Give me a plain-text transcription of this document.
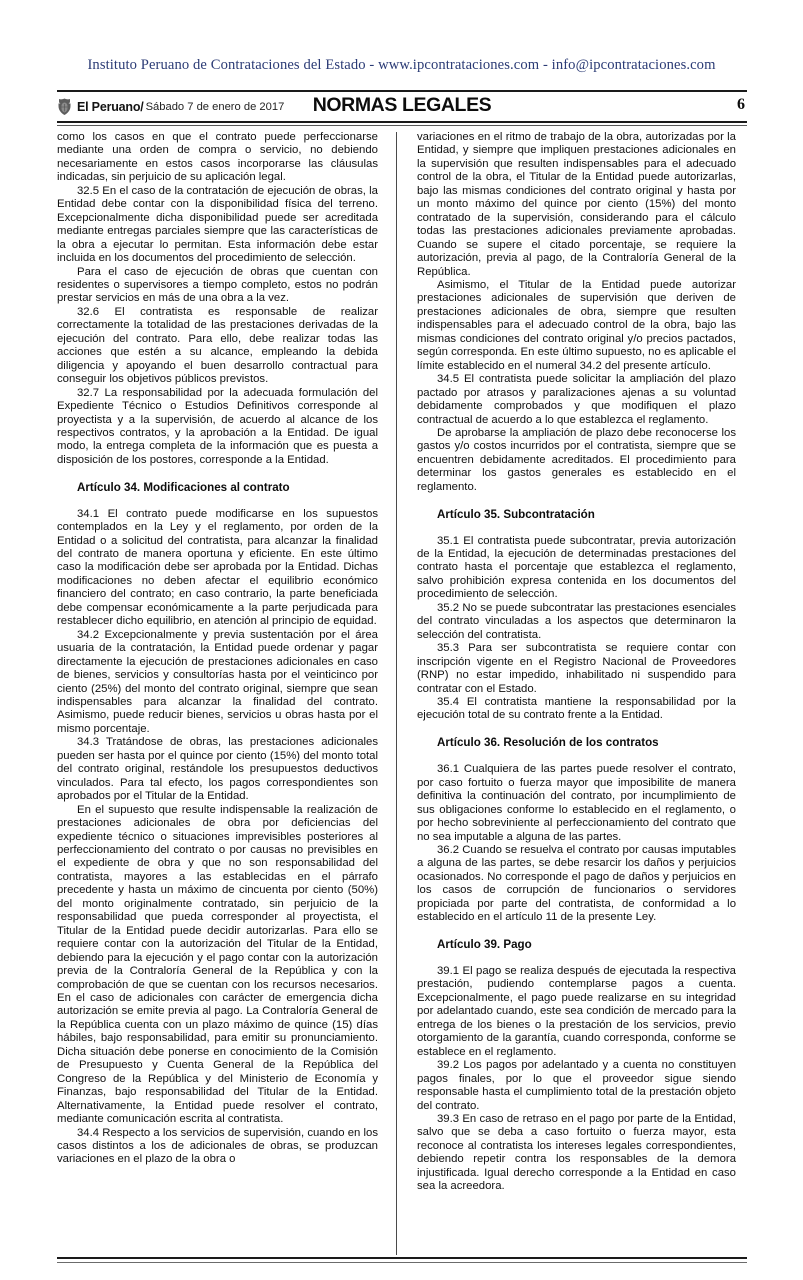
Instituto Peruano de Contrataciones del Estado - www.ipcontrataciones.com - info@ipcontrataciones.com
El Peruano/ Sábado 7 de enero de 2017	NORMAS LEGALES	6

como los casos en que el contrato puede perfeccionarse mediante una orden de compra o servicio, no debiendo necesariamente en estos casos incorporarse las cláusulas indicadas, sin perjuicio de su aplicación legal.

32.5 En el caso de la contratación de ejecución de obras, la Entidad debe contar con la disponibilidad física del terreno. Excepcionalmente dicha disponibilidad puede ser acreditada mediante entregas parciales siempre que las características de la obra a ejecutar lo permitan. Esta información debe estar incluida en los documentos del procedimiento de selección.

Para el caso de ejecución de obras que cuentan con residentes o supervisores a tiempo completo, estos no podrán prestar servicios en más de una obra a la vez.

32.6 El contratista es responsable de realizar correctamente la totalidad de las prestaciones derivadas de la ejecución del contrato. Para ello, debe realizar todas las acciones que estén a su alcance, empleando la debida diligencia y apoyando el buen desarrollo contractual para conseguir los objetivos públicos previstos.

32.7 La responsabilidad por la adecuada formulación del Expediente Técnico o Estudios Definitivos corresponde al proyectista y a la supervisión, de acuerdo al alcance de los respectivos contratos, y la aprobación a la Entidad. De igual modo, la entrega completa de la información que es puesta a disposición de los postores, corresponde a la Entidad.

Artículo 34. Modificaciones al contrato

34.1 El contrato puede modificarse en los supuestos contemplados en la Ley y el reglamento, por orden de la Entidad o a solicitud del contratista, para alcanzar la finalidad del contrato de manera oportuna y eficiente. En este último caso la modificación debe ser aprobada por la Entidad. Dichas modificaciones no deben afectar el equilibrio económico financiero del contrato; en caso contrario, la parte beneficiada debe compensar económicamente a la parte perjudicada para restablecer dicho equilibrio, en atención al principio de equidad.

34.2 Excepcionalmente y previa sustentación por el área usuaria de la contratación, la Entidad puede ordenar y pagar directamente la ejecución de prestaciones adicionales en caso de bienes, servicios y consultorías hasta por el veinticinco por ciento (25%) del monto del contrato original, siempre que sean indispensables para alcanzar la finalidad del contrato. Asimismo, puede reducir bienes, servicios u obras hasta por el mismo porcentaje.

34.3 Tratándose de obras, las prestaciones adicionales pueden ser hasta por el quince por ciento (15%) del monto total del contrato original, restándole los presupuestos deductivos vinculados. Para tal efecto, los pagos correspondientes son aprobados por el Titular de la Entidad.

En el supuesto que resulte indispensable la realización de prestaciones adicionales de obra por deficiencias del expediente técnico o situaciones imprevisibles posteriores al perfeccionamiento del contrato o por causas no previsibles en el expediente de obra y que no son responsabilidad del contratista, mayores a las establecidas en el párrafo precedente y hasta un máximo de cincuenta por ciento (50%) del monto originalmente contratado, sin perjuicio de la responsabilidad que pueda corresponder al proyectista, el Titular de la Entidad puede decidir autorizarlas. Para ello se requiere contar con la autorización del Titular de la Entidad, debiendo para la ejecución y el pago contar con la autorización previa de la Contraloría General de la República y con la comprobación de que se cuentan con los recursos necesarios. En el caso de adicionales con carácter de emergencia dicha autorización se emite previa al pago. La Contraloría General de la República cuenta con un plazo máximo de quince (15) días hábiles, bajo responsabilidad, para emitir su pronunciamiento. Dicha situación debe ponerse en conocimiento de la Comisión de Presupuesto y Cuenta General de la República del Congreso de la República y del Ministerio de Economía y Finanzas, bajo responsabilidad del Titular de la Entidad. Alternativamente, la Entidad puede resolver el contrato, mediante comunicación escrita al contratista.

34.4 Respecto a los servicios de supervisión, cuando en los casos distintos a los de adicionales de obras, se produzcan variaciones en el plazo de la obra o

variaciones en el ritmo de trabajo de la obra, autorizadas por la Entidad, y siempre que impliquen prestaciones adicionales en la supervisión que resulten indispensables para el adecuado control de la obra, el Titular de la Entidad puede autorizarlas, bajo las mismas condiciones del contrato original y hasta por un monto máximo del quince por ciento (15%) del monto contratado de la supervisión, considerando para el cálculo todas las prestaciones adicionales previamente aprobadas. Cuando se supere el citado porcentaje, se requiere la autorización, previa al pago, de la Contraloría General de la República.

Asimismo, el Titular de la Entidad puede autorizar prestaciones adicionales de supervisión que deriven de prestaciones adicionales de obra, siempre que resulten indispensables para el adecuado control de la obra, bajo las mismas condiciones del contrato original y/o precios pactados, según corresponda. En este último supuesto, no es aplicable el límite establecido en el numeral 34.2 del presente artículo.

34.5 El contratista puede solicitar la ampliación del plazo pactado por atrasos y paralizaciones ajenas a su voluntad debidamente comprobados y que modifiquen el plazo contractual de acuerdo a lo que establezca el reglamento.

De aprobarse la ampliación de plazo debe reconocerse los gastos y/o costos incurridos por el contratista, siempre que se encuentren debidamente acreditados. El procedimiento para determinar los gastos generales es establecido en el reglamento.

Artículo 35. Subcontratación

35.1 El contratista puede subcontratar, previa autorización de la Entidad, la ejecución de determinadas prestaciones del contrato hasta el porcentaje que establezca el reglamento, salvo prohibición expresa contenida en los documentos del procedimiento de selección.

35.2 No se puede subcontratar las prestaciones esenciales del contrato vinculadas a los aspectos que determinaron la selección del contratista.

35.3 Para ser subcontratista se requiere contar con inscripción vigente en el Registro Nacional de Proveedores (RNP) no estar impedido, inhabilitado ni suspendido para contratar con el Estado.

35.4 El contratista mantiene la responsabilidad por la ejecución total de su contrato frente a la Entidad.

Artículo 36. Resolución de los contratos

36.1 Cualquiera de las partes puede resolver el contrato, por caso fortuito o fuerza mayor que imposibilite de manera definitiva la continuación del contrato, por incumplimiento de sus obligaciones conforme lo establecido en el reglamento, o por hecho sobreviniente al perfeccionamiento del contrato que no sea imputable a alguna de las partes.

36.2 Cuando se resuelva el contrato por causas imputables a alguna de las partes, se debe resarcir los daños y perjuicios ocasionados. No corresponde el pago de daños y perjuicios en los casos de corrupción de funcionarios o servidores propiciada por parte del contratista, de conformidad a lo establecido en el artículo 11 de la presente Ley.

Artículo 39. Pago

39.1 El pago se realiza después de ejecutada la respectiva prestación, pudiendo contemplarse pagos a cuenta. Excepcionalmente, el pago puede realizarse en su integridad por adelantado cuando, este sea condición de mercado para la entrega de los bienes o la prestación de los servicios, previo otorgamiento de la garantía, cuando corresponda, conforme se establece en el reglamento.

39.2 Los pagos por adelantado y a cuenta no constituyen pagos finales, por lo que el proveedor sigue siendo responsable hasta el cumplimiento total de la prestación objeto del contrato.

39.3 En caso de retraso en el pago por parte de la Entidad, salvo que se deba a caso fortuito o fuerza mayor, esta reconoce al contratista los intereses legales correspondientes, debiendo repetir contra los responsables de la demora injustificada. Igual derecho corresponde a la Entidad en caso sea la acreedora.
